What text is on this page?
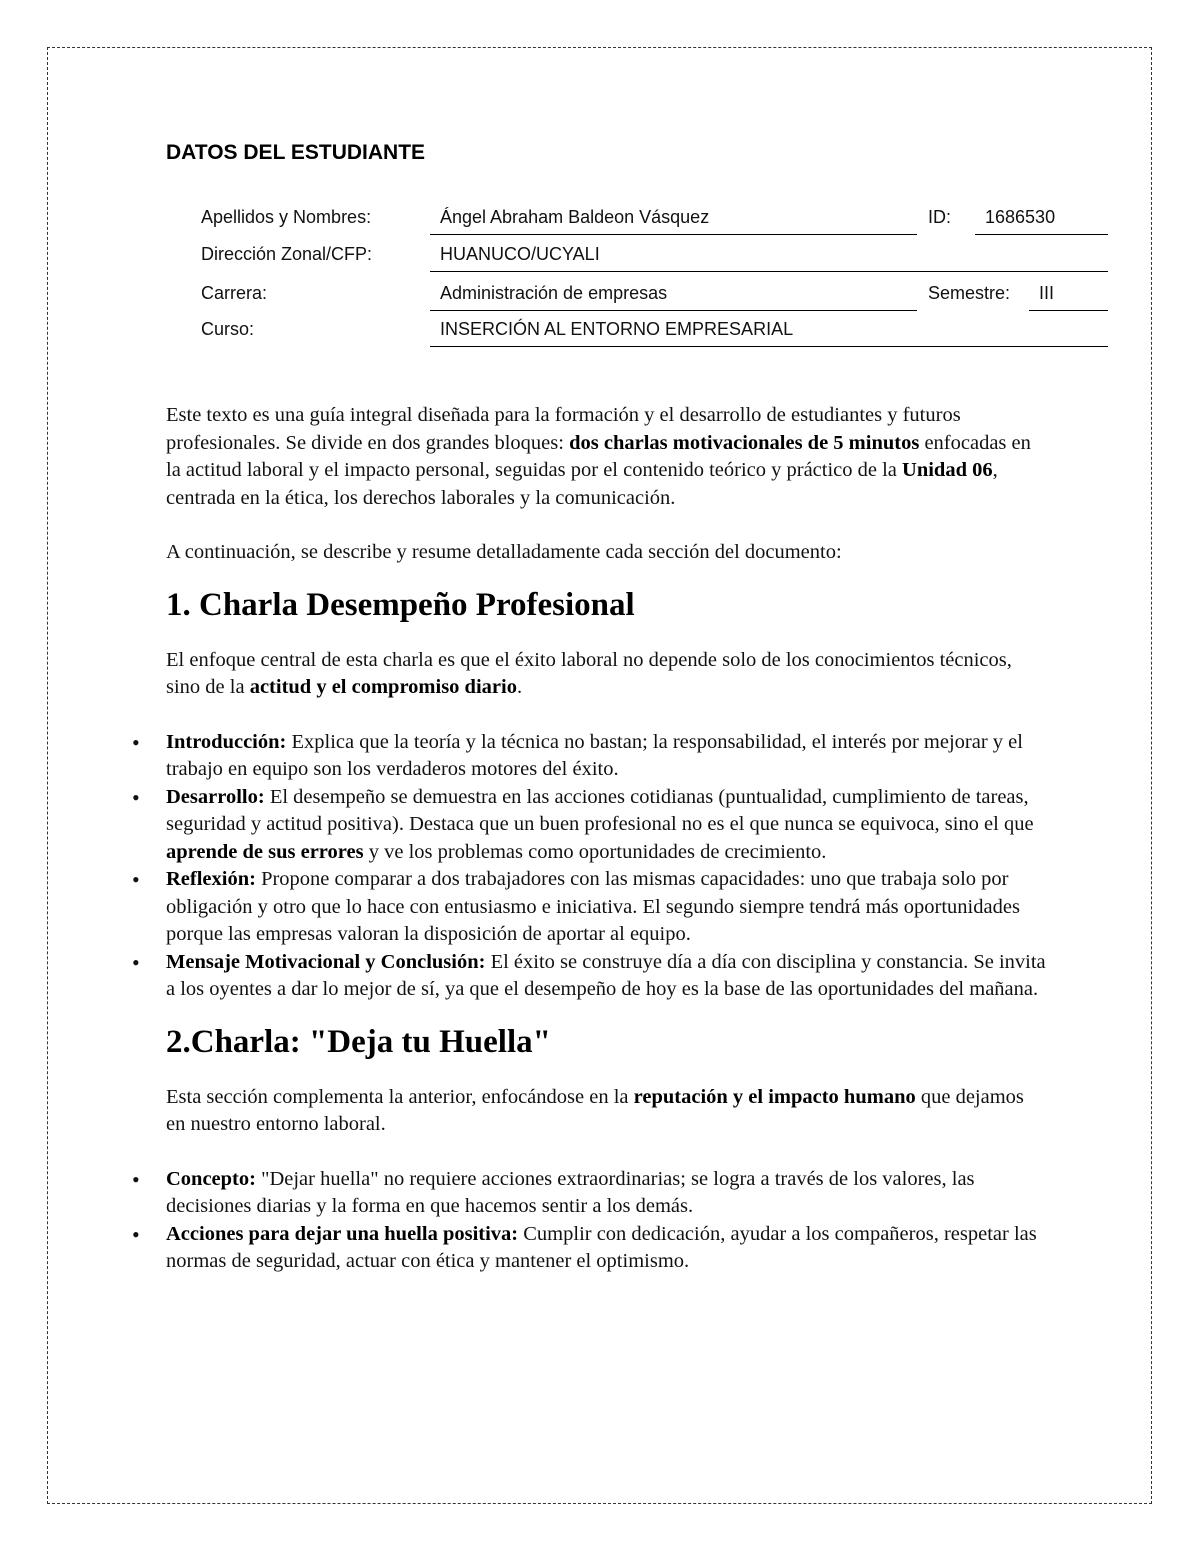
DATOS DEL ESTUDIANTE
Apellidos y Nombres:	Ángel Abraham Baldeon Vásquez	ID:	1686530
Dirección Zonal/CFP:	HUANUCO/UCYALI
Carrera:	Administración de empresas	Semestre:	III
Curso:	INSERCIÓN AL ENTORNO EMPRESARIAL

Este texto es una guía integral diseñada para la formación y el desarrollo de estudiantes y futuros profesionales. Se divide en dos grandes bloques: dos charlas motivacionales de 5 minutos enfocadas en la actitud laboral y el impacto personal, seguidas por el contenido teórico y práctico de la Unidad 06, centrada en la ética, los derechos laborales y la comunicación.

A continuación, se describe y resume detalladamente cada sección del documento:

1. Charla Desempeño Profesional

El enfoque central de esta charla es que el éxito laboral no depende solo de los conocimientos técnicos, sino de la actitud y el compromiso diario.

• Introducción: Explica que la teoría y la técnica no bastan; la responsabilidad, el interés por mejorar y el trabajo en equipo son los verdaderos motores del éxito.
• Desarrollo: El desempeño se demuestra en las acciones cotidianas (puntualidad, cumplimiento de tareas, seguridad y actitud positiva). Destaca que un buen profesional no es el que nunca se equivoca, sino el que aprende de sus errores y ve los problemas como oportunidades de crecimiento.
• Reflexión: Propone comparar a dos trabajadores con las mismas capacidades: uno que trabaja solo por obligación y otro que lo hace con entusiasmo e iniciativa. El segundo siempre tendrá más oportunidades porque las empresas valoran la disposición de aportar al equipo.
• Mensaje Motivacional y Conclusión: El éxito se construye día a día con disciplina y constancia. Se invita a los oyentes a dar lo mejor de sí, ya que el desempeño de hoy es la base de las oportunidades del mañana.
2.Charla: "Deja tu Huella"

Esta sección complementa la anterior, enfocándose en la reputación y el impacto humano que dejamos en nuestro entorno laboral.

• Concepto: "Dejar huella" no requiere acciones extraordinarias; se logra a través de los valores, las decisiones diarias y la forma en que hacemos sentir a los demás.
• Acciones para dejar una huella positiva: Cumplir con dedicación, ayudar a los compañeros, respetar las normas de seguridad, actuar con ética y mantener el optimismo.
